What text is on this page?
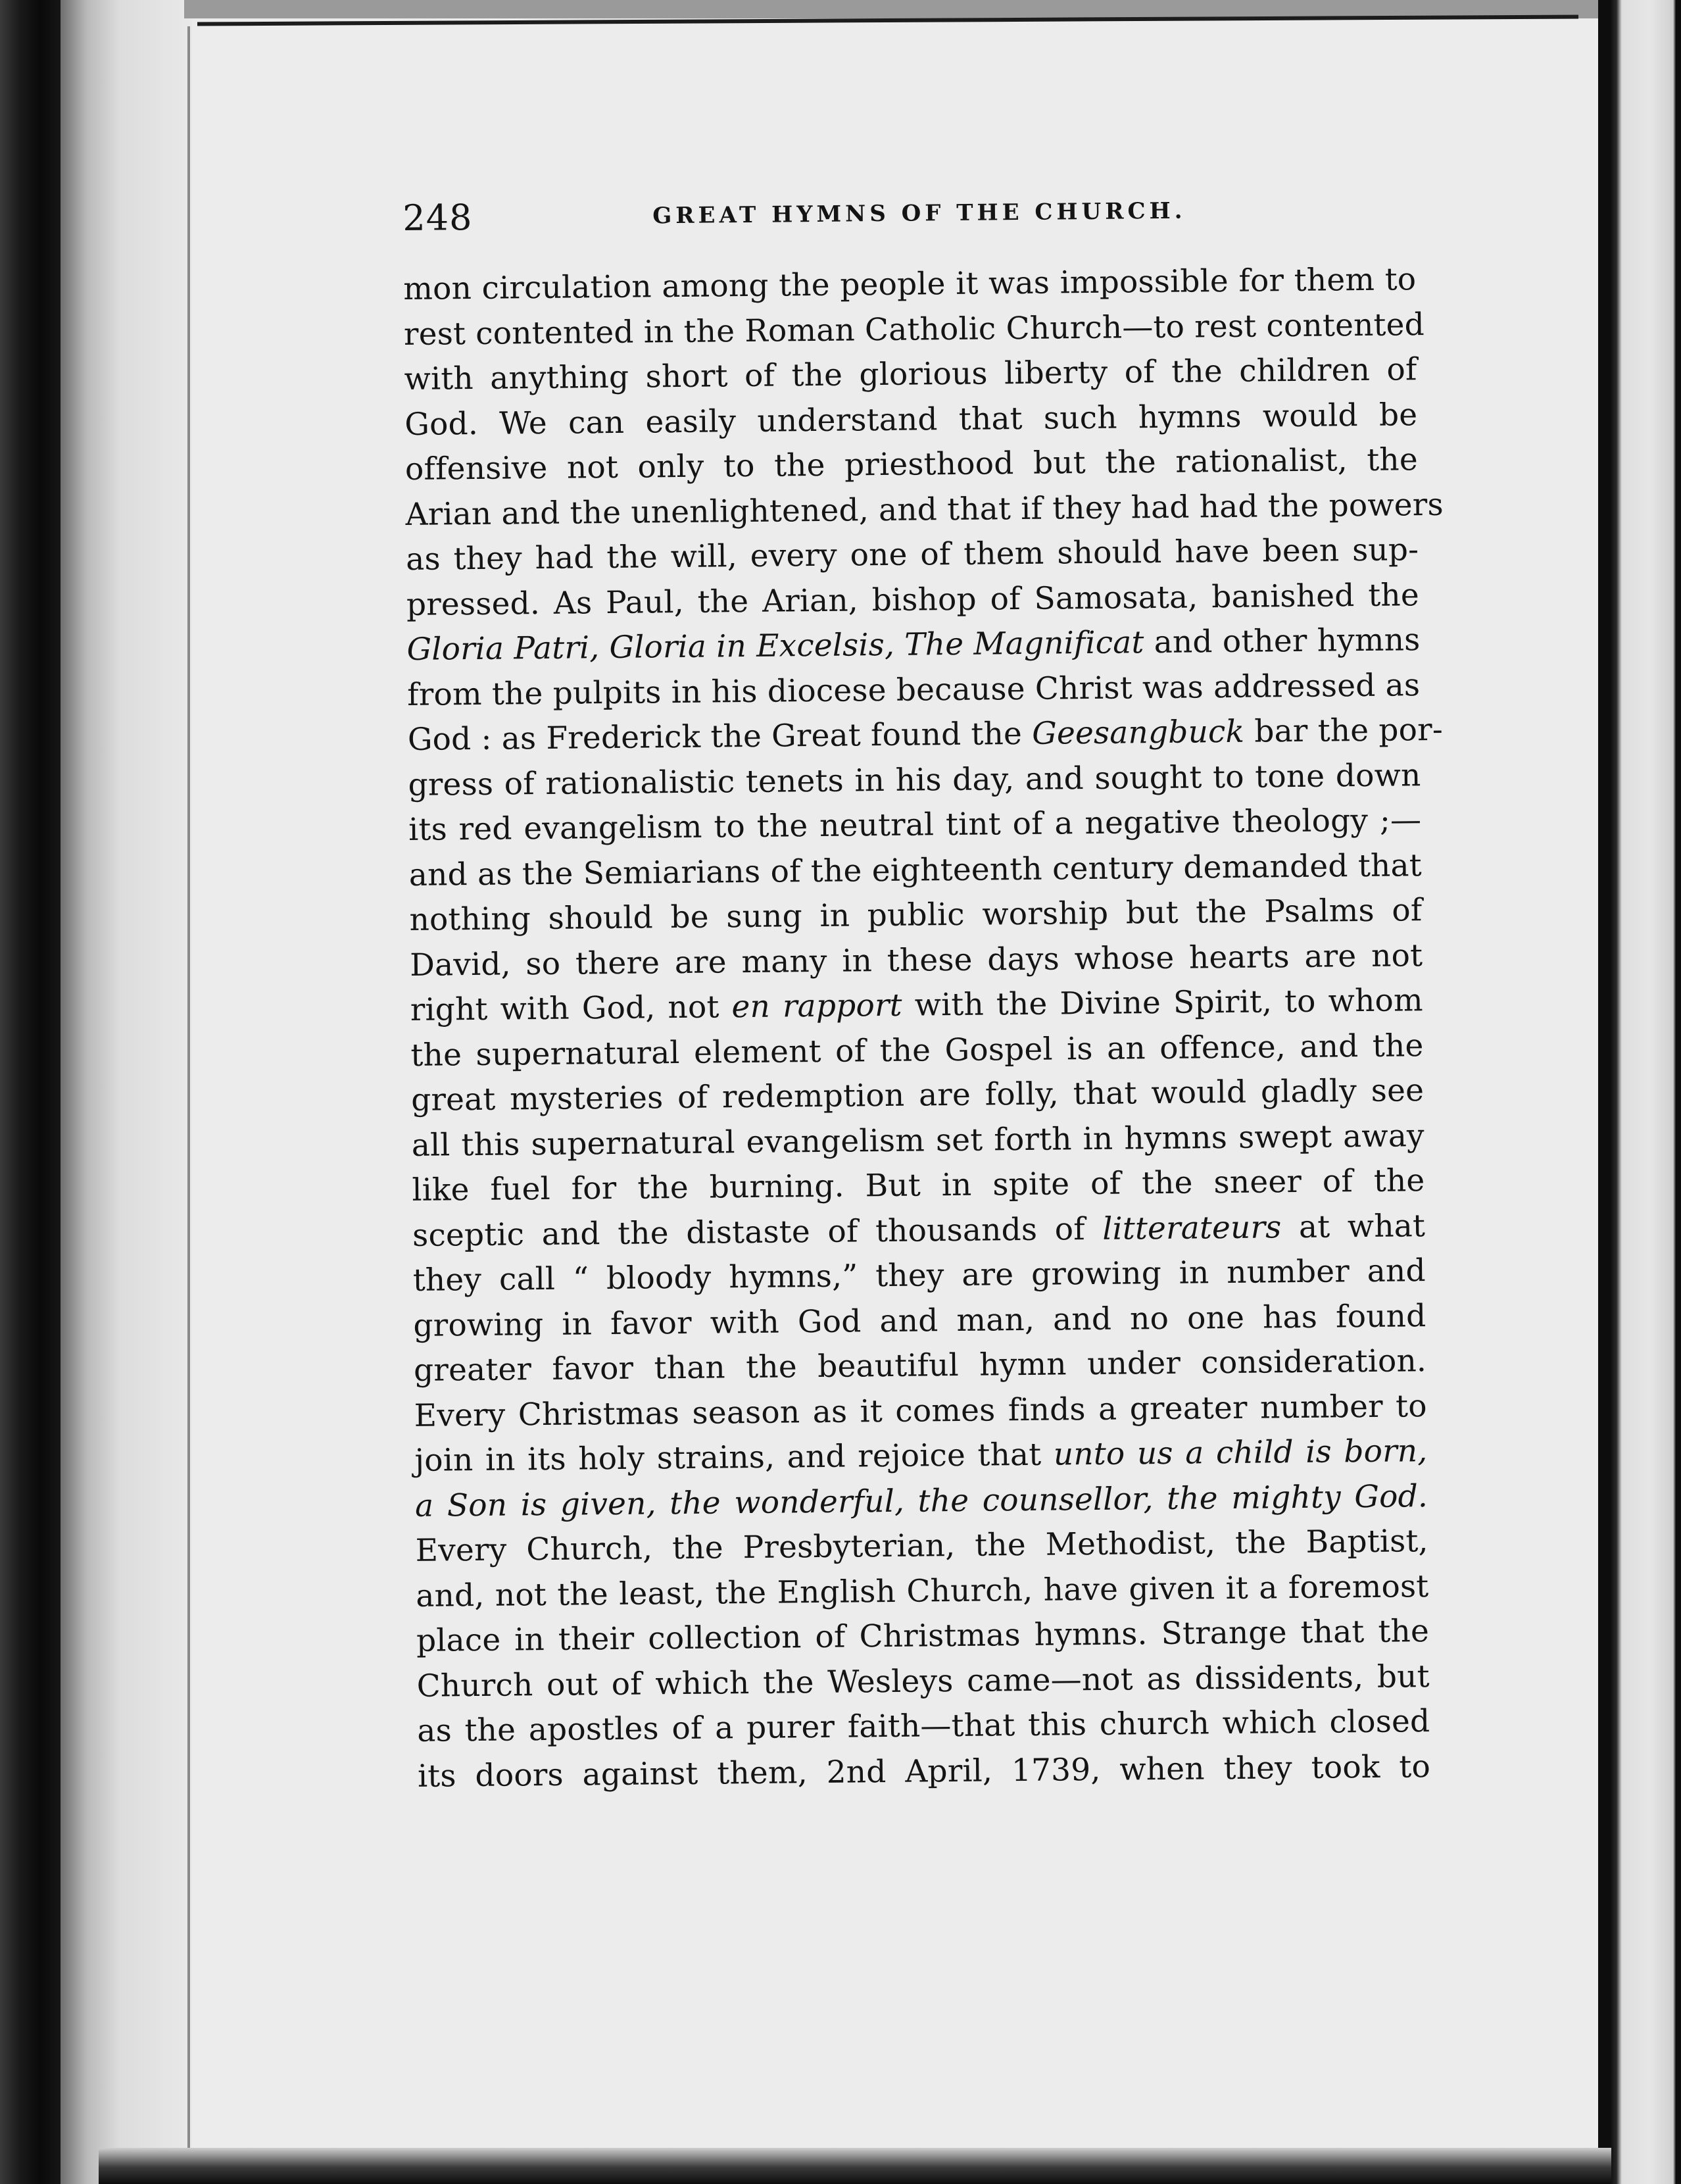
248	GREAT HYMNS OF THE CHURCH.
mon circulation among the people it was impossible for them to
rest contented in the Roman Catholic Church—to rest contented
with anything short of the glorious liberty of the children of
God. We can easily understand that such hymns would be
offensive not only to the priesthood but the rationalist, the
Arian and the unenlightened, and that if they had had the powers
as they had the will, every one of them should have been sup-
pressed. As Paul, the Arian, bishop of Samosata, banished the
Gloria Patri, Gloria in Excelsis, The Magnificat and other hymns
from the pulpits in his diocese because Christ was addressed as
God : as Frederick the Great found the Geesangbuck bar the por-
gress of rationalistic tenets in his day, and sought to tone down
its red evangelism to the neutral tint of a negative theology ;—
and as the Semiarians of the eighteenth century demanded that
nothing should be sung in public worship but the Psalms of
David, so there are many in these days whose hearts are not
right with God, not en rapport with the Divine Spirit, to whom
the supernatural element of the Gospel is an offence, and the
great mysteries of redemption are folly, that would gladly see
all this supernatural evangelism set forth in hymns swept away
like fuel for the burning. But in spite of the sneer of the
sceptic and the distaste of thousands of litterateurs at what
they call “ bloody hymns,” they are growing in number and
growing in favor with God and man, and no one has found
greater favor than the beautiful hymn under consideration.
Every Christmas season as it comes finds a greater number to
join in its holy strains, and rejoice that unto us a child is born,
a Son is given, the wonderful, the counsellor, the mighty God.
Every Church, the Presbyterian, the Methodist, the Baptist,
and, not the least, the English Church, have given it a foremost
place in their collection of Christmas hymns. Strange that the
Church out of which the Wesleys came—not as dissidents, but
as the apostles of a purer faith—that this church which closed
its doors against them, 2nd April, 1739, when they took to
